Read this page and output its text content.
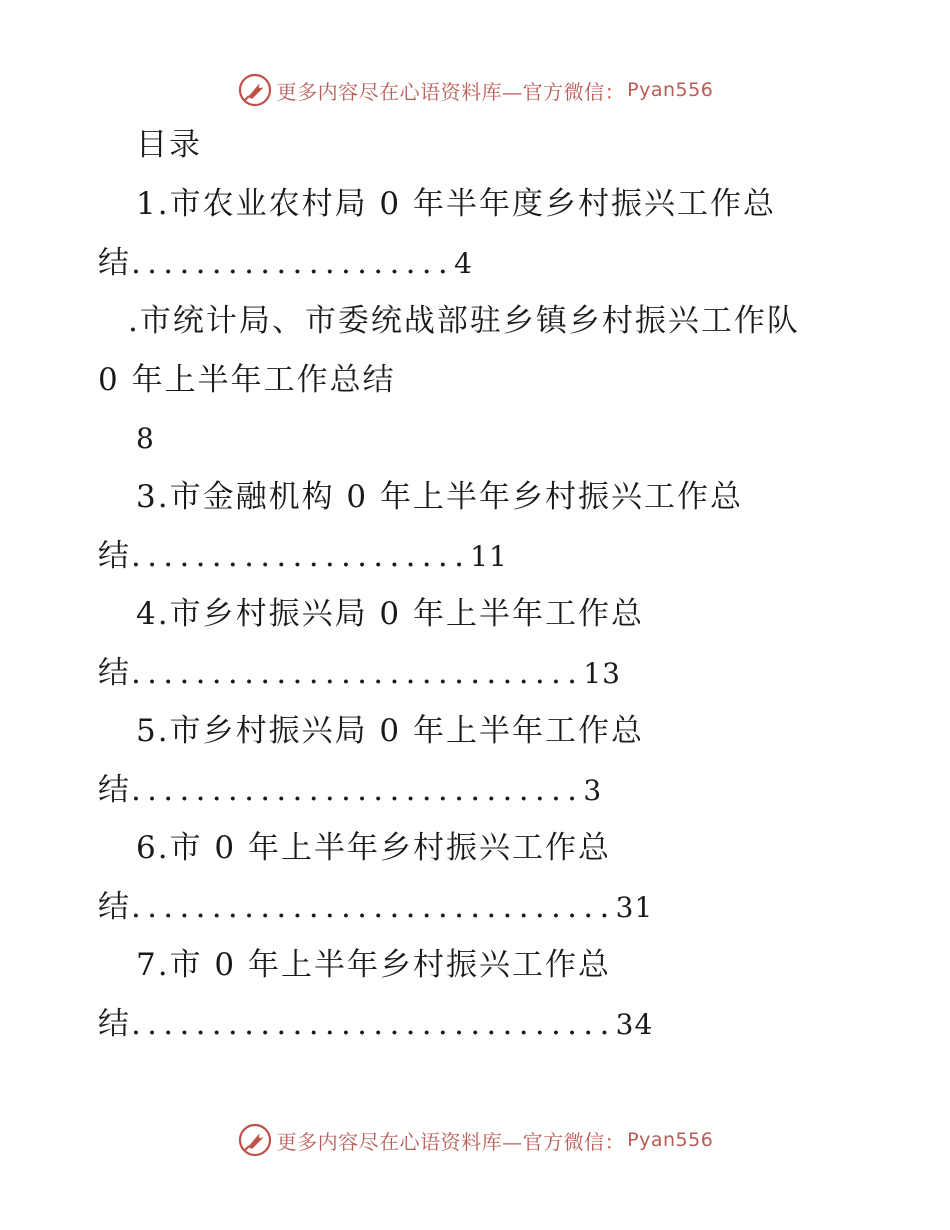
更多内容尽在心语资料库—官方微信： Pyan556
目录
1.市农业农村局 0 年半年度乡村振兴工作总
结....................4
.市统计局、市委统战部驻乡镇乡村振兴工作队
0 年上半年工作总结
8
3.市金融机构 0 年上半年乡村振兴工作总
结.....................11
4.市乡村振兴局 0 年上半年工作总
结............................13
5.市乡村振兴局 0 年上半年工作总
结............................3
6.市 0 年上半年乡村振兴工作总
结..............................31
7.市 0 年上半年乡村振兴工作总
结..............................34
更多内容尽在心语资料库—官方微信： Pyan556
